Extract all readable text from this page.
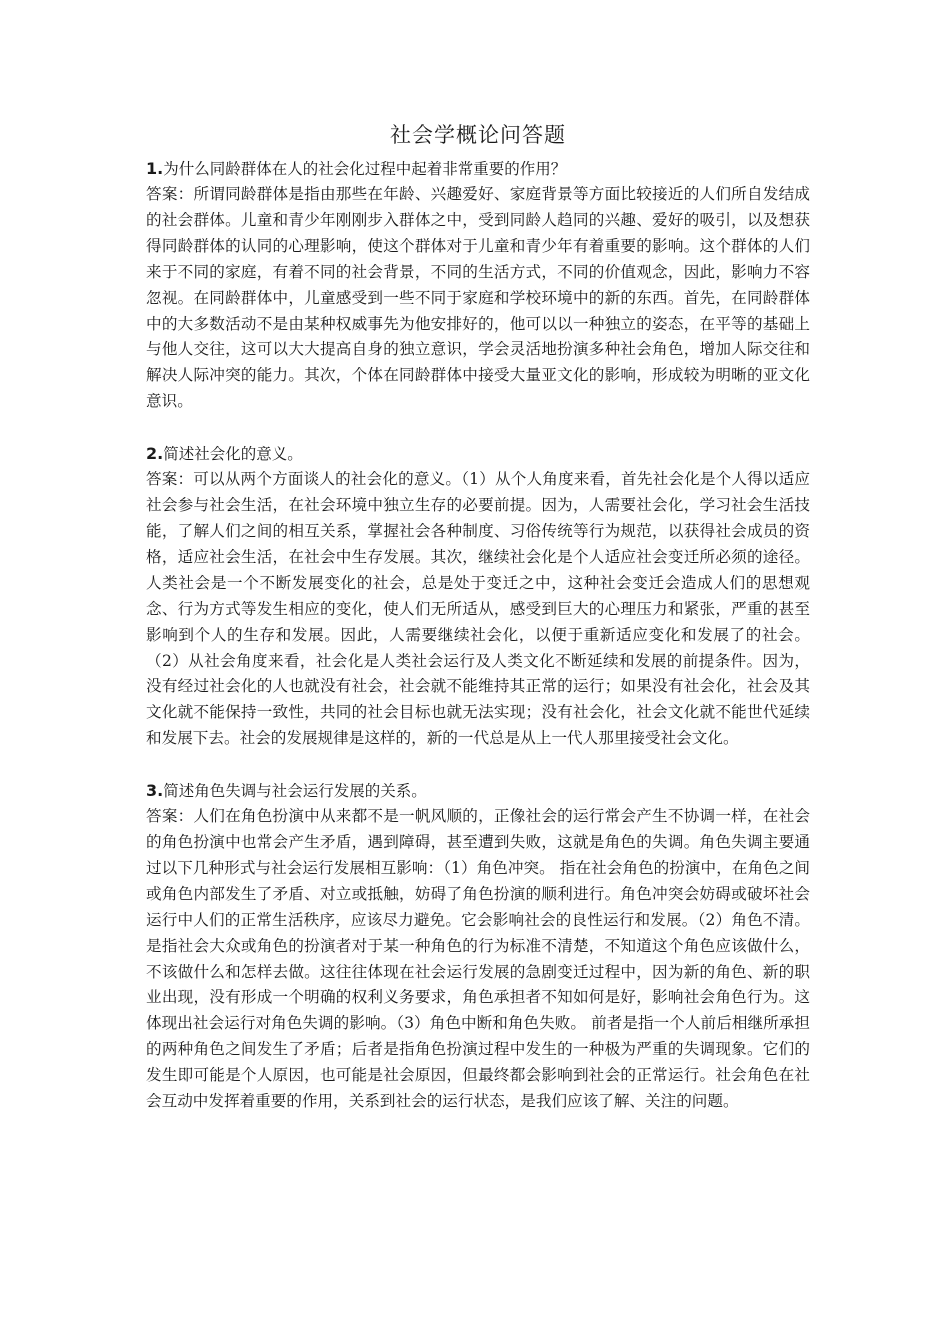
社会学概论问答题

1.为什么同龄群体在人的社会化过程中起着非常重要的作用？

答案：所谓同龄群体是指由那些在年龄、兴趣爱好、家庭背景等方面比较接近的人们所自发结成的社会群体。儿童和青少年刚刚步入群体之中，受到同龄人趋同的兴趣、爱好的吸引，以及想获得同龄群体的认同的心理影响，使这个群体对于儿童和青少年有着重要的影响。这个群体的人们来于不同的家庭，有着不同的社会背景，不同的生活方式，不同的价值观念，因此，影响力不容忽视。在同龄群体中，儿童感受到一些不同于家庭和学校环境中的新的东西。首先，在同龄群体中的大多数活动不是由某种权威事先为他安排好的，他可以以一种独立的姿态，在平等的基础上与他人交往，这可以大大提高自身的独立意识，学会灵活地扮演多种社会角色，增加人际交往和解决人际冲突的能力。其次，个体在同龄群体中接受大量亚文化的影响，形成较为明晰的亚文化意识。

2.简述社会化的意义。

答案：可以从两个方面谈人的社会化的意义。（1）从个人角度来看，首先社会化是个人得以适应社会参与社会生活，在社会环境中独立生存的必要前提。因为，人需要社会化，学习社会生活技能，了解人们之间的相互关系，掌握社会各种制度、习俗传统等行为规范，以获得社会成员的资格，适应社会生活，在社会中生存发展。其次，继续社会化是个人适应社会变迁所必须的途径。人类社会是一个不断发展变化的社会，总是处于变迁之中，这种社会变迁会造成人们的思想观念、行为方式等发生相应的变化，使人们无所适从，感受到巨大的心理压力和紧张，严重的甚至影响到个人的生存和发展。因此，人需要继续社会化，以便于重新适应变化和发展了的社会。（2）从社会角度来看，社会化是人类社会运行及人类文化不断延续和发展的前提条件。因为，没有经过社会化的人也就没有社会，社会就不能维持其正常的运行；如果没有社会化，社会及其文化就不能保持一致性，共同的社会目标也就无法实现；没有社会化，社会文化就不能世代延续和发展下去。社会的发展规律是这样的，新的一代总是从上一代人那里接受社会文化。

3.简述角色失调与社会运行发展的关系。

答案：人们在角色扮演中从来都不是一帆风顺的，正像社会的运行常会产生不协调一样，在社会的角色扮演中也常会产生矛盾，遇到障碍，甚至遭到失败，这就是角色的失调。角色失调主要通过以下几种形式与社会运行发展相互影响：（1）角色冲突。 指在社会角色的扮演中，在角色之间或角色内部发生了矛盾、对立或抵触，妨碍了角色扮演的顺利进行。角色冲突会妨碍或破坏社会运行中人们的正常生活秩序，应该尽力避免。它会影响社会的良性运行和发展。（2）角色不清。是指社会大众或角色的扮演者对于某一种角色的行为标准不清楚，不知道这个角色应该做什么，不该做什么和怎样去做。这往往体现在社会运行发展的急剧变迁过程中，因为新的角色、新的职业出现，没有形成一个明确的权利义务要求，角色承担者不知如何是好，影响社会角色行为。这体现出社会运行对角色失调的影响。（3）角色中断和角色失败。 前者是指一个人前后相继所承担的两种角色之间发生了矛盾；后者是指角色扮演过程中发生的一种极为严重的失调现象。它们的发生即可能是个人原因，也可能是社会原因，但最终都会影响到社会的正常运行。社会角色在社会互动中发挥着重要的作用，关系到社会的运行状态，是我们应该了解、关注的问题。
